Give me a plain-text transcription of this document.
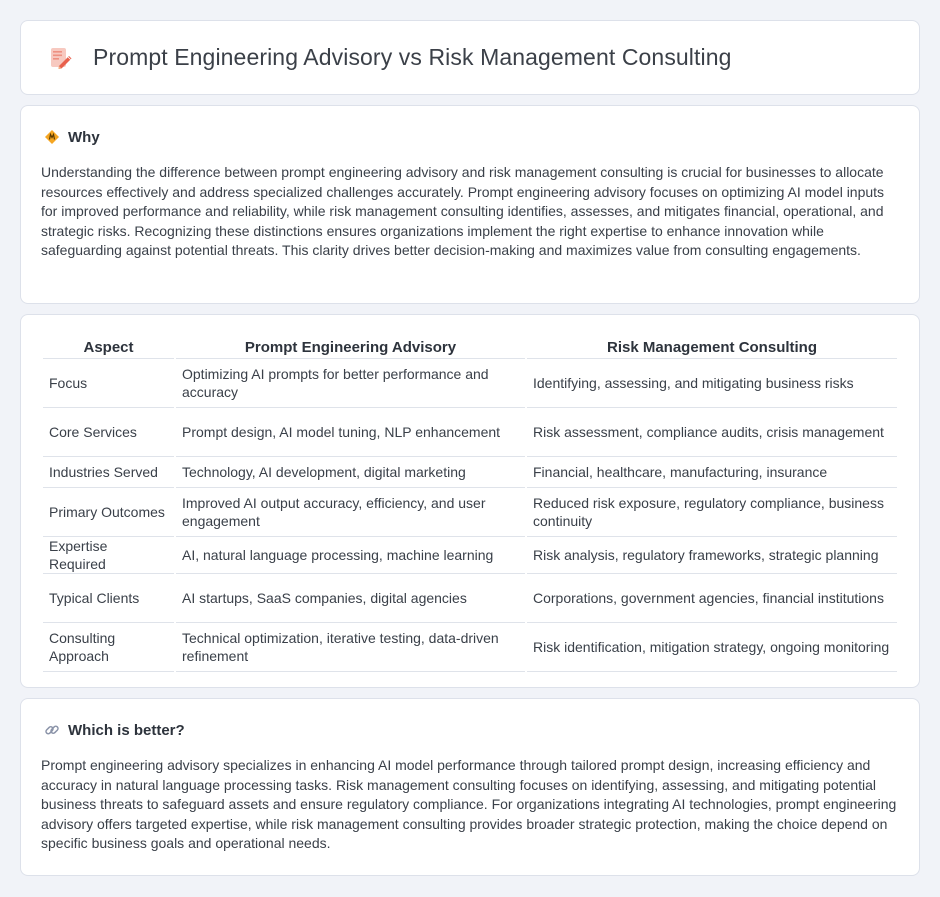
Prompt Engineering Advisory vs Risk Management Consulting
Why

Understanding the difference between prompt engineering advisory and risk management consulting is crucial for businesses to allocate resources effectively and address specialized challenges accurately. Prompt engineering advisory focuses on optimizing AI model inputs for improved performance and reliability, while risk management consulting identifies, assesses, and mitigates financial, operational, and strategic risks. Recognizing these distinctions ensures organizations implement the right expertise to enhance innovation while safeguarding against potential threats. This clarity drives better decision-making and maximizes value from consulting engagements.

Aspect	Prompt Engineering Advisory	Risk Management Consulting
Focus	Optimizing AI prompts for better performance and accuracy	Identifying, assessing, and mitigating business risks
Core Services	Prompt design, AI model tuning, NLP enhancement	Risk assessment, compliance audits, crisis management
Industries Served	Technology, AI development, digital marketing	Financial, healthcare, manufacturing, insurance
Primary Outcomes	Improved AI output accuracy, efficiency, and user engagement	Reduced risk exposure, regulatory compliance, business continuity
Expertise Required	AI, natural language processing, machine learning	Risk analysis, regulatory frameworks, strategic planning
Typical Clients	AI startups, SaaS companies, digital agencies	Corporations, government agencies, financial institutions
Consulting Approach	Technical optimization, iterative testing, data-driven refinement	Risk identification, mitigation strategy, ongoing monitoring
Which is better?

Prompt engineering advisory specializes in enhancing AI model performance through tailored prompt design, increasing efficiency and accuracy in natural language processing tasks. Risk management consulting focuses on identifying, assessing, and mitigating potential business threats to safeguard assets and ensure regulatory compliance. For organizations integrating AI technologies, prompt engineering advisory offers targeted expertise, while risk management consulting provides broader strategic protection, making the choice depend on specific business goals and operational needs.
